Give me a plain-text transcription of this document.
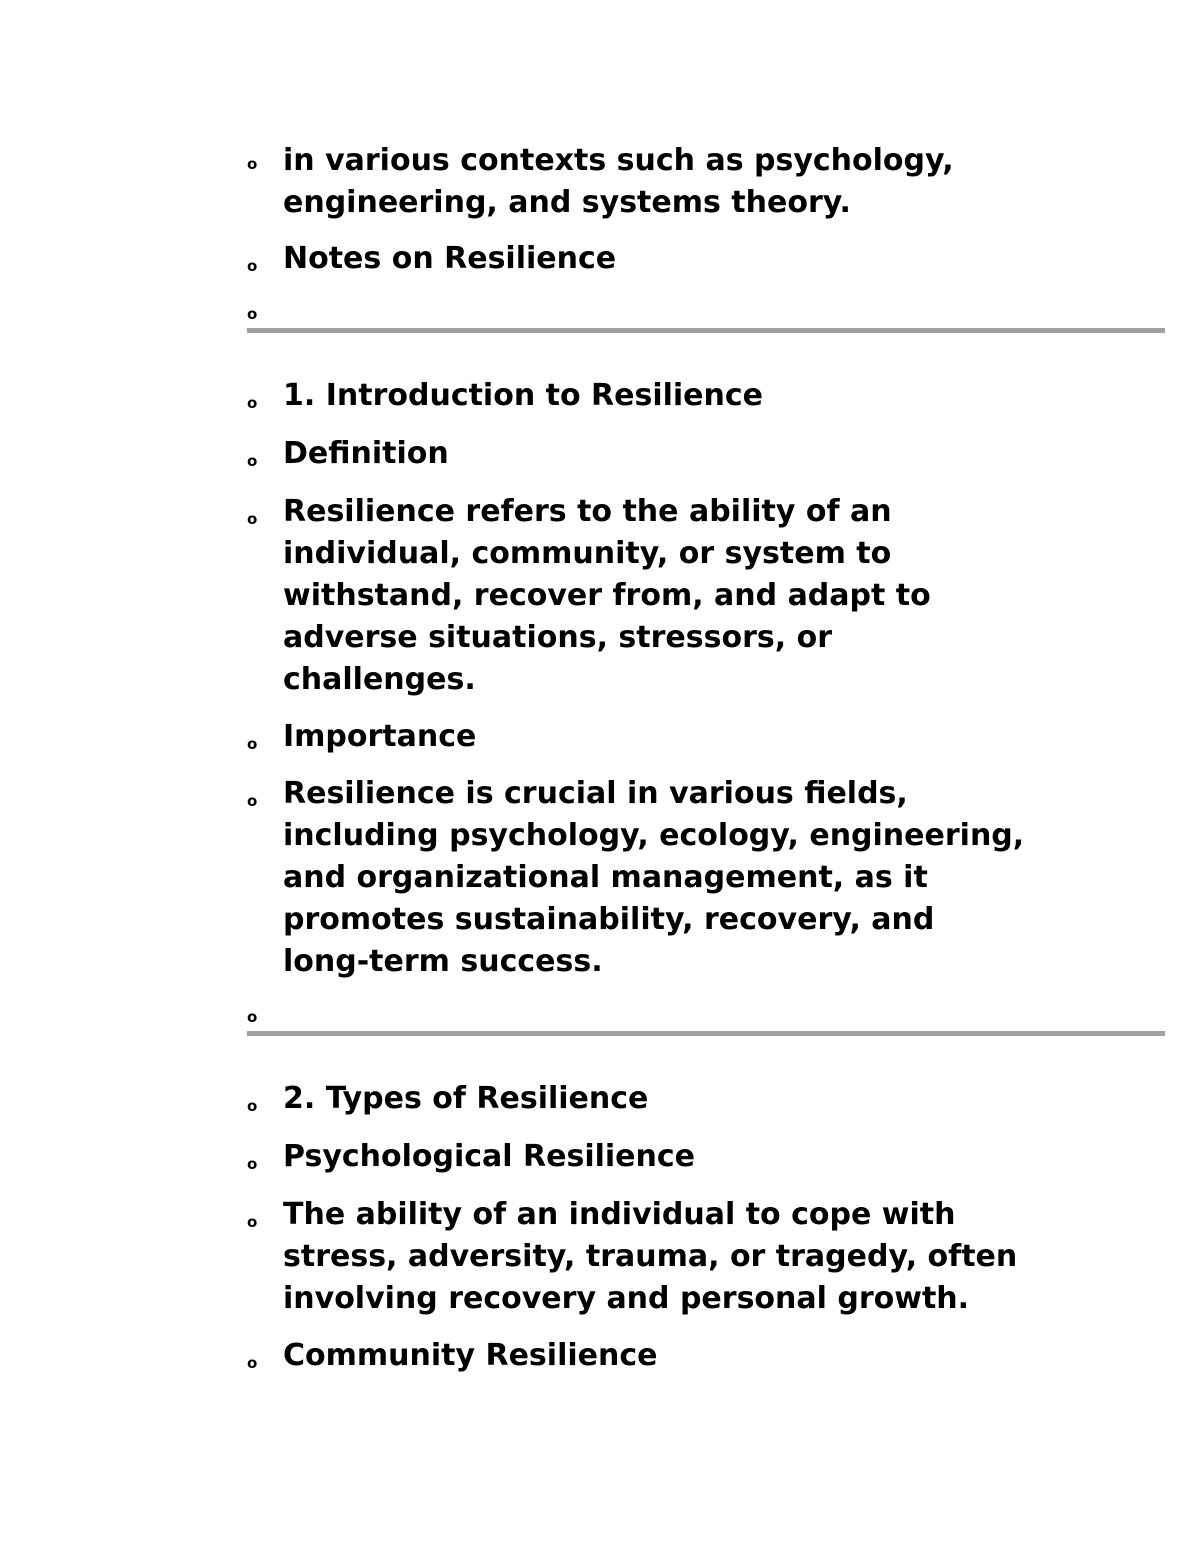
o in various contexts such as psychology,
engineering, and systems theory.
o Notes on Resilience
o
o 1. Introduction to Resilience
o Definition
o Resilience refers to the ability of an
individual, community, or system to
withstand, recover from, and adapt to
adverse situations, stressors, or
challenges.
o Importance
o Resilience is crucial in various fields,
including psychology, ecology, engineering,
and organizational management, as it
promotes sustainability, recovery, and
long-term success.
o
o 2. Types of Resilience
o Psychological Resilience
o The ability of an individual to cope with
stress, adversity, trauma, or tragedy, often
involving recovery and personal growth.
o Community Resilience
